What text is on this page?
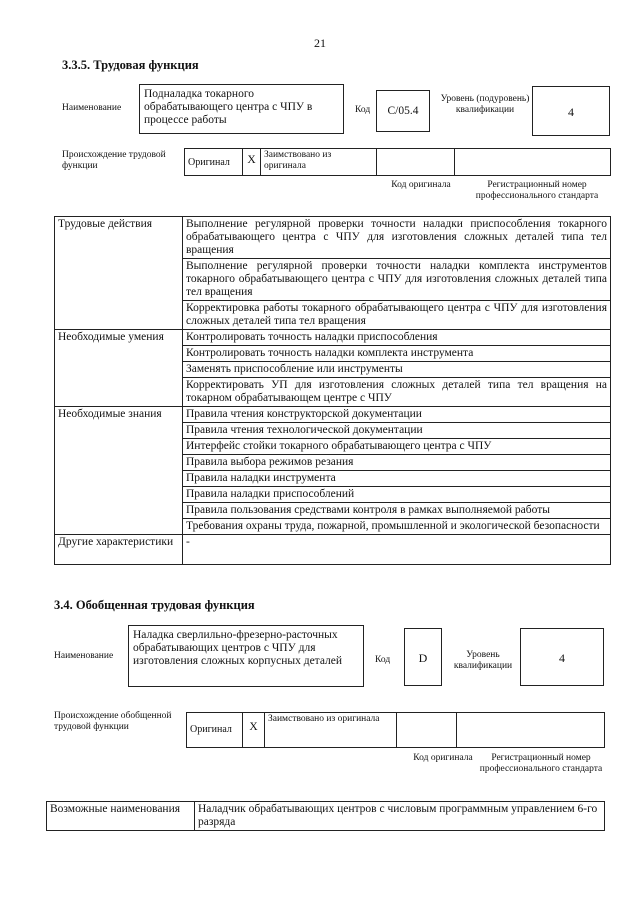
21
3.3.5. Трудовая функция
Наименование
Подналадка токарного обрабатывающего центра с ЧПУ в процессе работы
Код	C/05.4
Уровень (подуровень) квалификации	4
Происхождение трудовой функции	Оригинал	X	Заимствовано из оригинала		
Код оригинала	Регистрационный номер профессионального стандарта
Трудовые действия	Выполнение регулярной проверки точности наладки приспособления токарного обрабатывающего центра с ЧПУ для изготовления сложных деталей типа тел вращения
	Выполнение регулярной проверки точности наладки комплекта инструментов токарного обрабатывающего центра с ЧПУ для изготовления сложных деталей типа тел вращения
	Корректировка работы токарного обрабатывающего центра с ЧПУ для изготовления сложных деталей типа тел вращения
Необходимые умения	Контролировать точность наладки приспособления
	Контролировать точность наладки комплекта инструмента
	Заменять приспособление или инструменты
	Корректировать УП для изготовления сложных деталей типа тел вращения на токарном обрабатывающем центре с ЧПУ
Необходимые знания	Правила чтения конструкторской документации
	Правила чтения технологической документации
	Интерфейс стойки токарного обрабатывающего центра с ЧПУ
	Правила выбора режимов резания
	Правила наладки инструмента
	Правила наладки приспособлений
	Правила пользования средствами контроля в рамках выполняемой работы
	Требования охраны труда, пожарной, промышленной и экологической безопасности
Другие характеристики	-
3.4. Обобщенная трудовая функция
Наименование
Наладка сверлильно-фрезерно-расточных обрабатывающих центров с ЧПУ для изготовления сложных корпусных деталей	Код	D	Уровень квалификации
4
Происхождение обобщенной трудовой функции	Оригинал	X	Заимствовано из оригинала		
Код оригинала	Регистрационный номер профессионального стандарта
Возможные наименования	Наладчик обрабатывающих центров с числовым программным управлением 6-го разряда
